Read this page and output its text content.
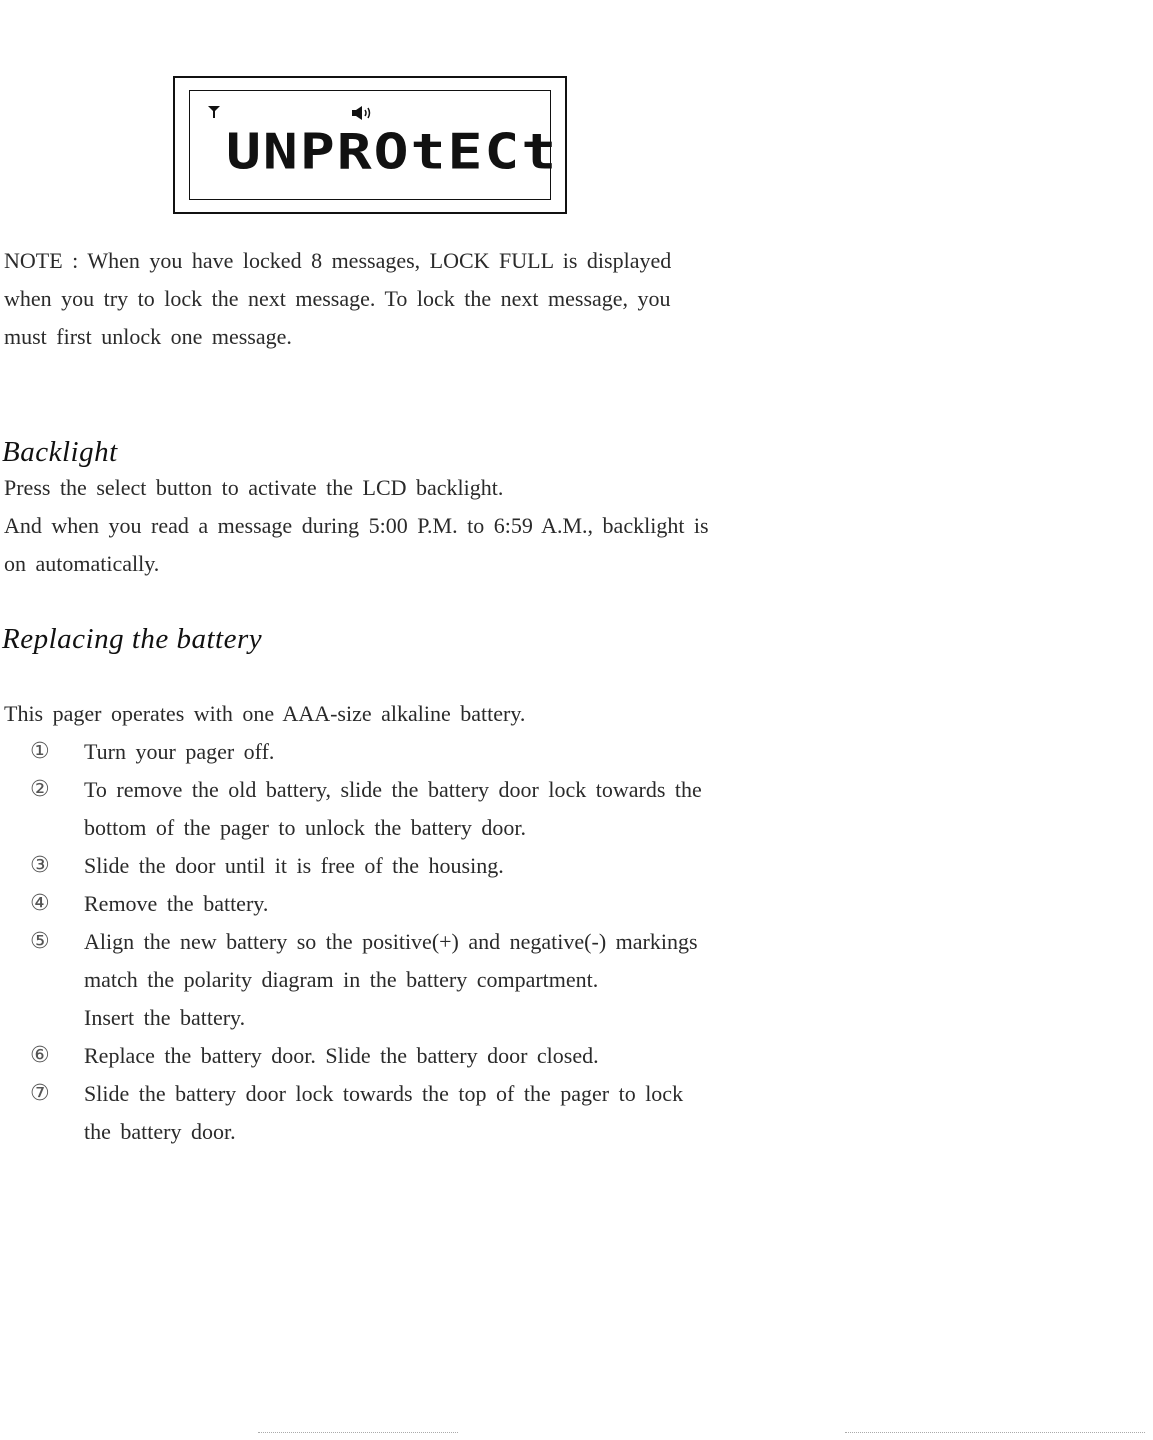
UNPROtECt
NOTE : When you have locked 8 messages, LOCK FULL is displayed
when you try to lock the next message. To lock the next message, you
must first unlock one message.
Backlight
Press the select button to activate the LCD backlight.
And when you read a message during 5:00 P.M. to 6:59 A.M., backlight is
on automatically.
Replacing the battery
This pager operates with one AAA-size alkaline battery.
① Turn your pager off.
② To remove the old battery, slide the battery door lock towards the
bottom of the pager to unlock the battery door.
③ Slide the door until it is free of the housing.
④ Remove the battery.
⑤ Align the new battery so the positive(+) and negative(-) markings
match the polarity diagram in the battery compartment.
Insert the battery.
⑥ Replace the battery door. Slide the battery door closed.
⑦ Slide the battery door lock towards the top of the pager to lock
the battery door.
